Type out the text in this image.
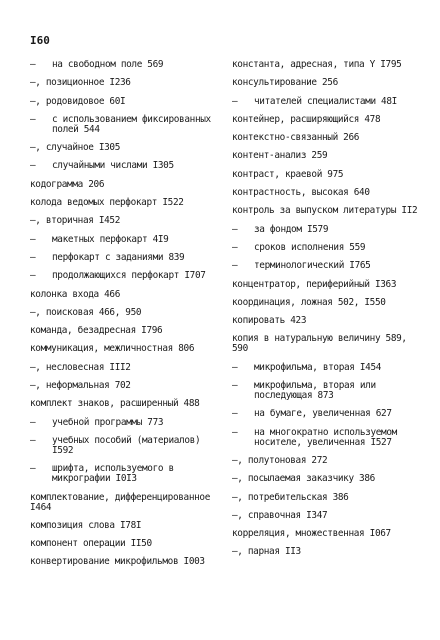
I60
– на свободном поле 569
–, позиционное I236
–, родовидовое 60I
– с использованием фиксированных полей 544
–, случайное I305
– случайными числами I305
кодограмма 206
колода ведомых перфокарт I522
–, вторичная I452
– макетных перфокарт 4I9
– перфокарт с заданиями 839
– продолжающихся перфокарт I707
колонка входа 466
–, поисковая 466, 950
команда, безадресная I796
коммуникация, межличностная 806
–, несловесная III2
–, неформальная 702
комплект знаков, расширенный 488
– учебной программы 773
– учебных пособий (материалов) I592
– шрифта, используемого в микрографии I0I3
комплектование, дифференцированное I464
композиция слова I78I
компонент операции II50
конвертирование микрофильмов I003
константа, адресная, типа Y I795
консультирование 256
– читателей специалистами 48I
контейнер, расширяющийся 478
контекстно-связанный 266
контент-анализ 259
контраст, краевой 975
контрастность, высокая 640
контроль за выпуском литературы II2
– за фондом I579
– сроков исполнения 559
– терминологический I765
концентратор, периферийный I363
координация, ложная 502, I550
копировать 423
копия в натуральную величину 589, 590
– микрофильма, вторая I454
– микрофильма, вторая или последующая 873
– на бумаге, увеличенная 627
– на многократно используемом носителе, увеличенная I527
–, полутоновая 272
–, посылаемая заказчику 386
–, потребительская 386
–, справочная I347
корреляция, множественная I067
–, парная II3
